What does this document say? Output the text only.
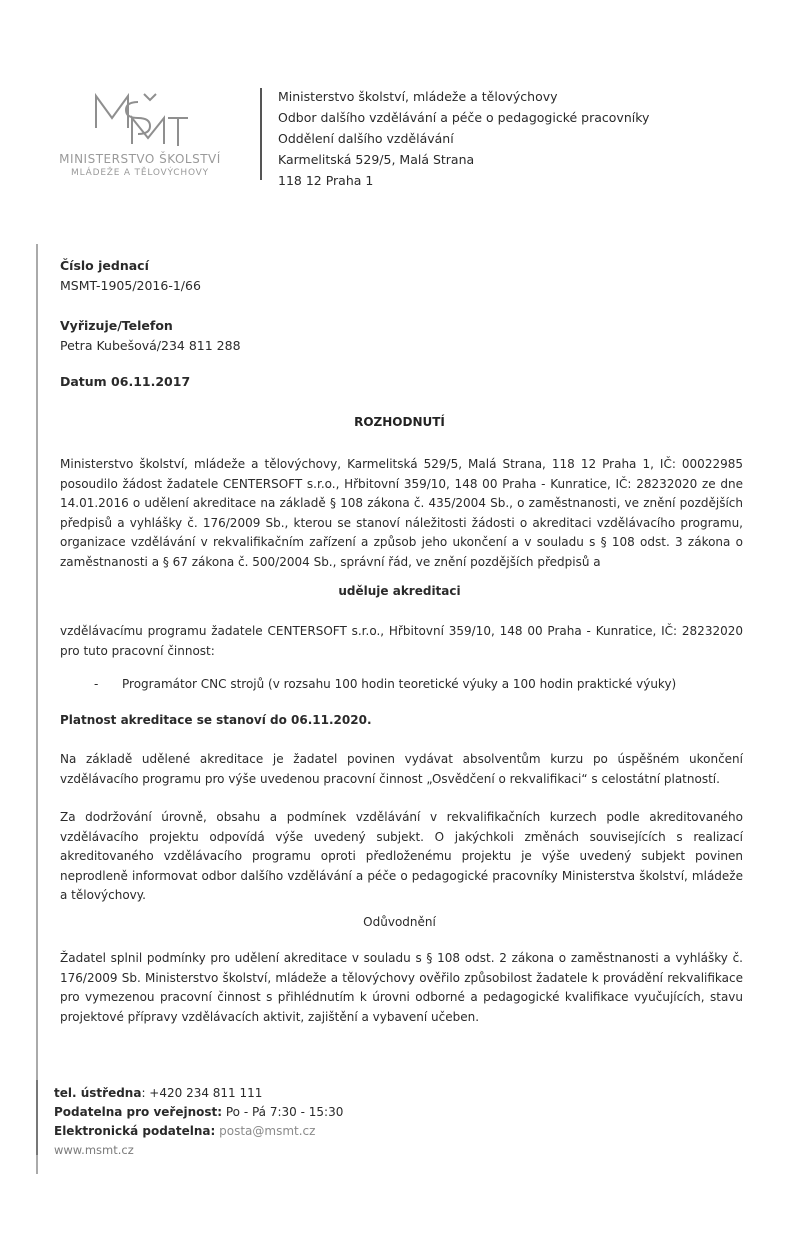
MINISTERSTVO ŠKOLSTVÍ
MLÁDEŽE A TĚLOVÝCHOVY
Ministerstvo školství, mládeže a tělovýchovy
Odbor dalšího vzdělávání a péče o pedagogické pracovníky
Oddělení dalšího vzdělávání
Karmelitská 529/5, Malá Strana
118 12 Praha 1
Číslo jednací
MSMT-1905/2016-1/66
Vyřizuje/Telefon
Petra Kubešová/234 811 288
Datum 06.11.2017
ROZHODNUTÍ
Ministerstvo školství, mládeže a tělovýchovy, Karmelitská 529/5, Malá Strana, 118 12 Praha 1, IČ: 00022985 posoudilo žádost žadatele CENTERSOFT s.r.o., Hřbitovní 359/10, 148 00 Praha - Kunratice, IČ: 28232020 ze dne 14.01.2016 o udělení akreditace na základě § 108 zákona č. 435/2004 Sb., o zaměstnanosti, ve znění pozdějších předpisů a vyhlášky č. 176/2009 Sb., kterou se stanoví náležitosti žádosti o akreditaci vzdělávacího programu, organizace vzdělávání v rekvalifikačním zařízení a způsob jeho ukončení a v souladu s § 108 odst. 3 zákona o zaměstnanosti a § 67 zákona č. 500/2004 Sb., správní řád, ve znění pozdějších předpisů a
uděluje akreditaci
vzdělávacímu programu žadatele CENTERSOFT s.r.o., Hřbitovní 359/10, 148 00 Praha - Kunratice, IČ: 28232020 pro tuto pracovní činnost:
- Programátor CNC strojů (v rozsahu 100 hodin teoretické výuky a 100 hodin praktické výuky)
Platnost akreditace se stanoví do 06.11.2020.
Na základě udělené akreditace je žadatel povinen vydávat absolventům kurzu po úspěšném ukončení vzdělávacího programu pro výše uvedenou pracovní činnost „Osvědčení o rekvalifikaci“ s celostátní platností.
Za dodržování úrovně, obsahu a podmínek vzdělávání v rekvalifikačních kurzech podle akreditovaného vzdělávacího projektu odpovídá výše uvedený subjekt. O jakýchkoli změnách souvisejících s realizací akreditovaného vzdělávacího programu oproti předloženému projektu je výše uvedený subjekt povinen neprodleně informovat odbor dalšího vzdělávání a péče o pedagogické pracovníky Ministerstva školství, mládeže a tělovýchovy.
Odůvodnění
Žadatel splnil podmínky pro udělení akreditace v souladu s § 108 odst. 2 zákona o zaměstnanosti a vyhlášky č. 176/2009 Sb. Ministerstvo školství, mládeže a tělovýchovy ověřilo způsobilost žadatele k provádění rekvalifikace pro vymezenou pracovní činnost s přihlédnutím k úrovni odborné a pedagogické kvalifikace vyučujících, stavu projektové přípravy vzdělávacích aktivit, zajištění a vybavení učeben.
tel. ústředna: +420 234 811 111
Podatelna pro veřejnost: Po - Pá 7:30 - 15:30
Elektronická podatelna: posta@msmt.cz
www.msmt.cz
